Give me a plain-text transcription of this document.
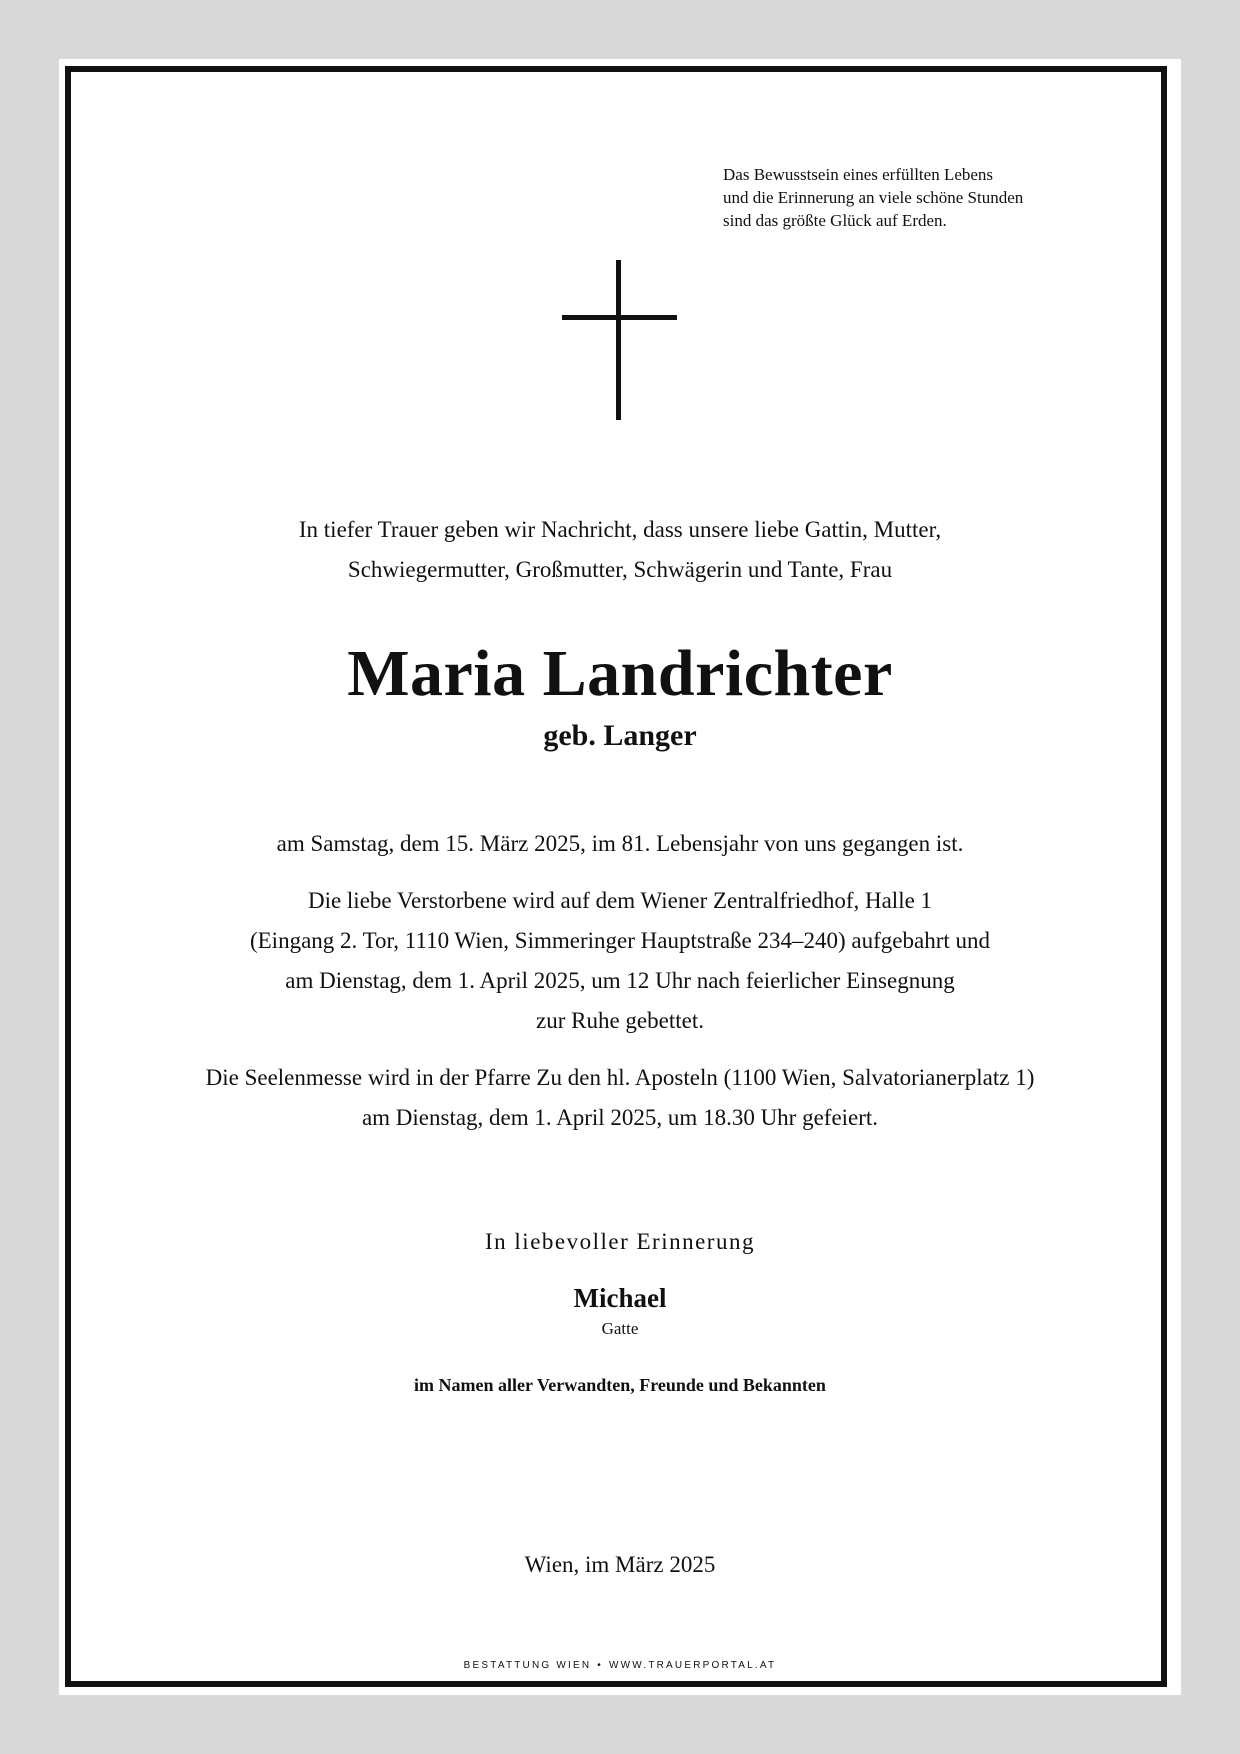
Das Bewusstsein eines erfüllten Lebens
und die Erinnerung an viele schöne Stunden
sind das größte Glück auf Erden.

In tiefer Trauer geben wir Nachricht, dass unsere liebe Gattin, Mutter,
Schwiegermutter, Großmutter, Schwägerin und Tante, Frau

Maria Landrichter

geb. Langer

am Samstag, dem 15. März 2025, im 81. Lebensjahr von uns gegangen ist.

Die liebe Verstorbene wird auf dem Wiener Zentralfriedhof, Halle 1
(Eingang 2. Tor, 1110 Wien, Simmeringer Hauptstraße 234–240) aufgebahrt und
am Dienstag, dem 1. April 2025, um 12 Uhr nach feierlicher Einsegnung
zur Ruhe gebettet.

Die Seelenmesse wird in der Pfarre Zu den hl. Aposteln (1100 Wien, Salvatorianerplatz 1)
am Dienstag, dem 1. April 2025, um 18.30 Uhr gefeiert.

In liebevoller Erinnerung

Michael

Gatte

im Namen aller Verwandten, Freunde und Bekannten

Wien, im März 2025

BESTATTUNG WIEN • WWW.TRAUERPORTAL.AT
